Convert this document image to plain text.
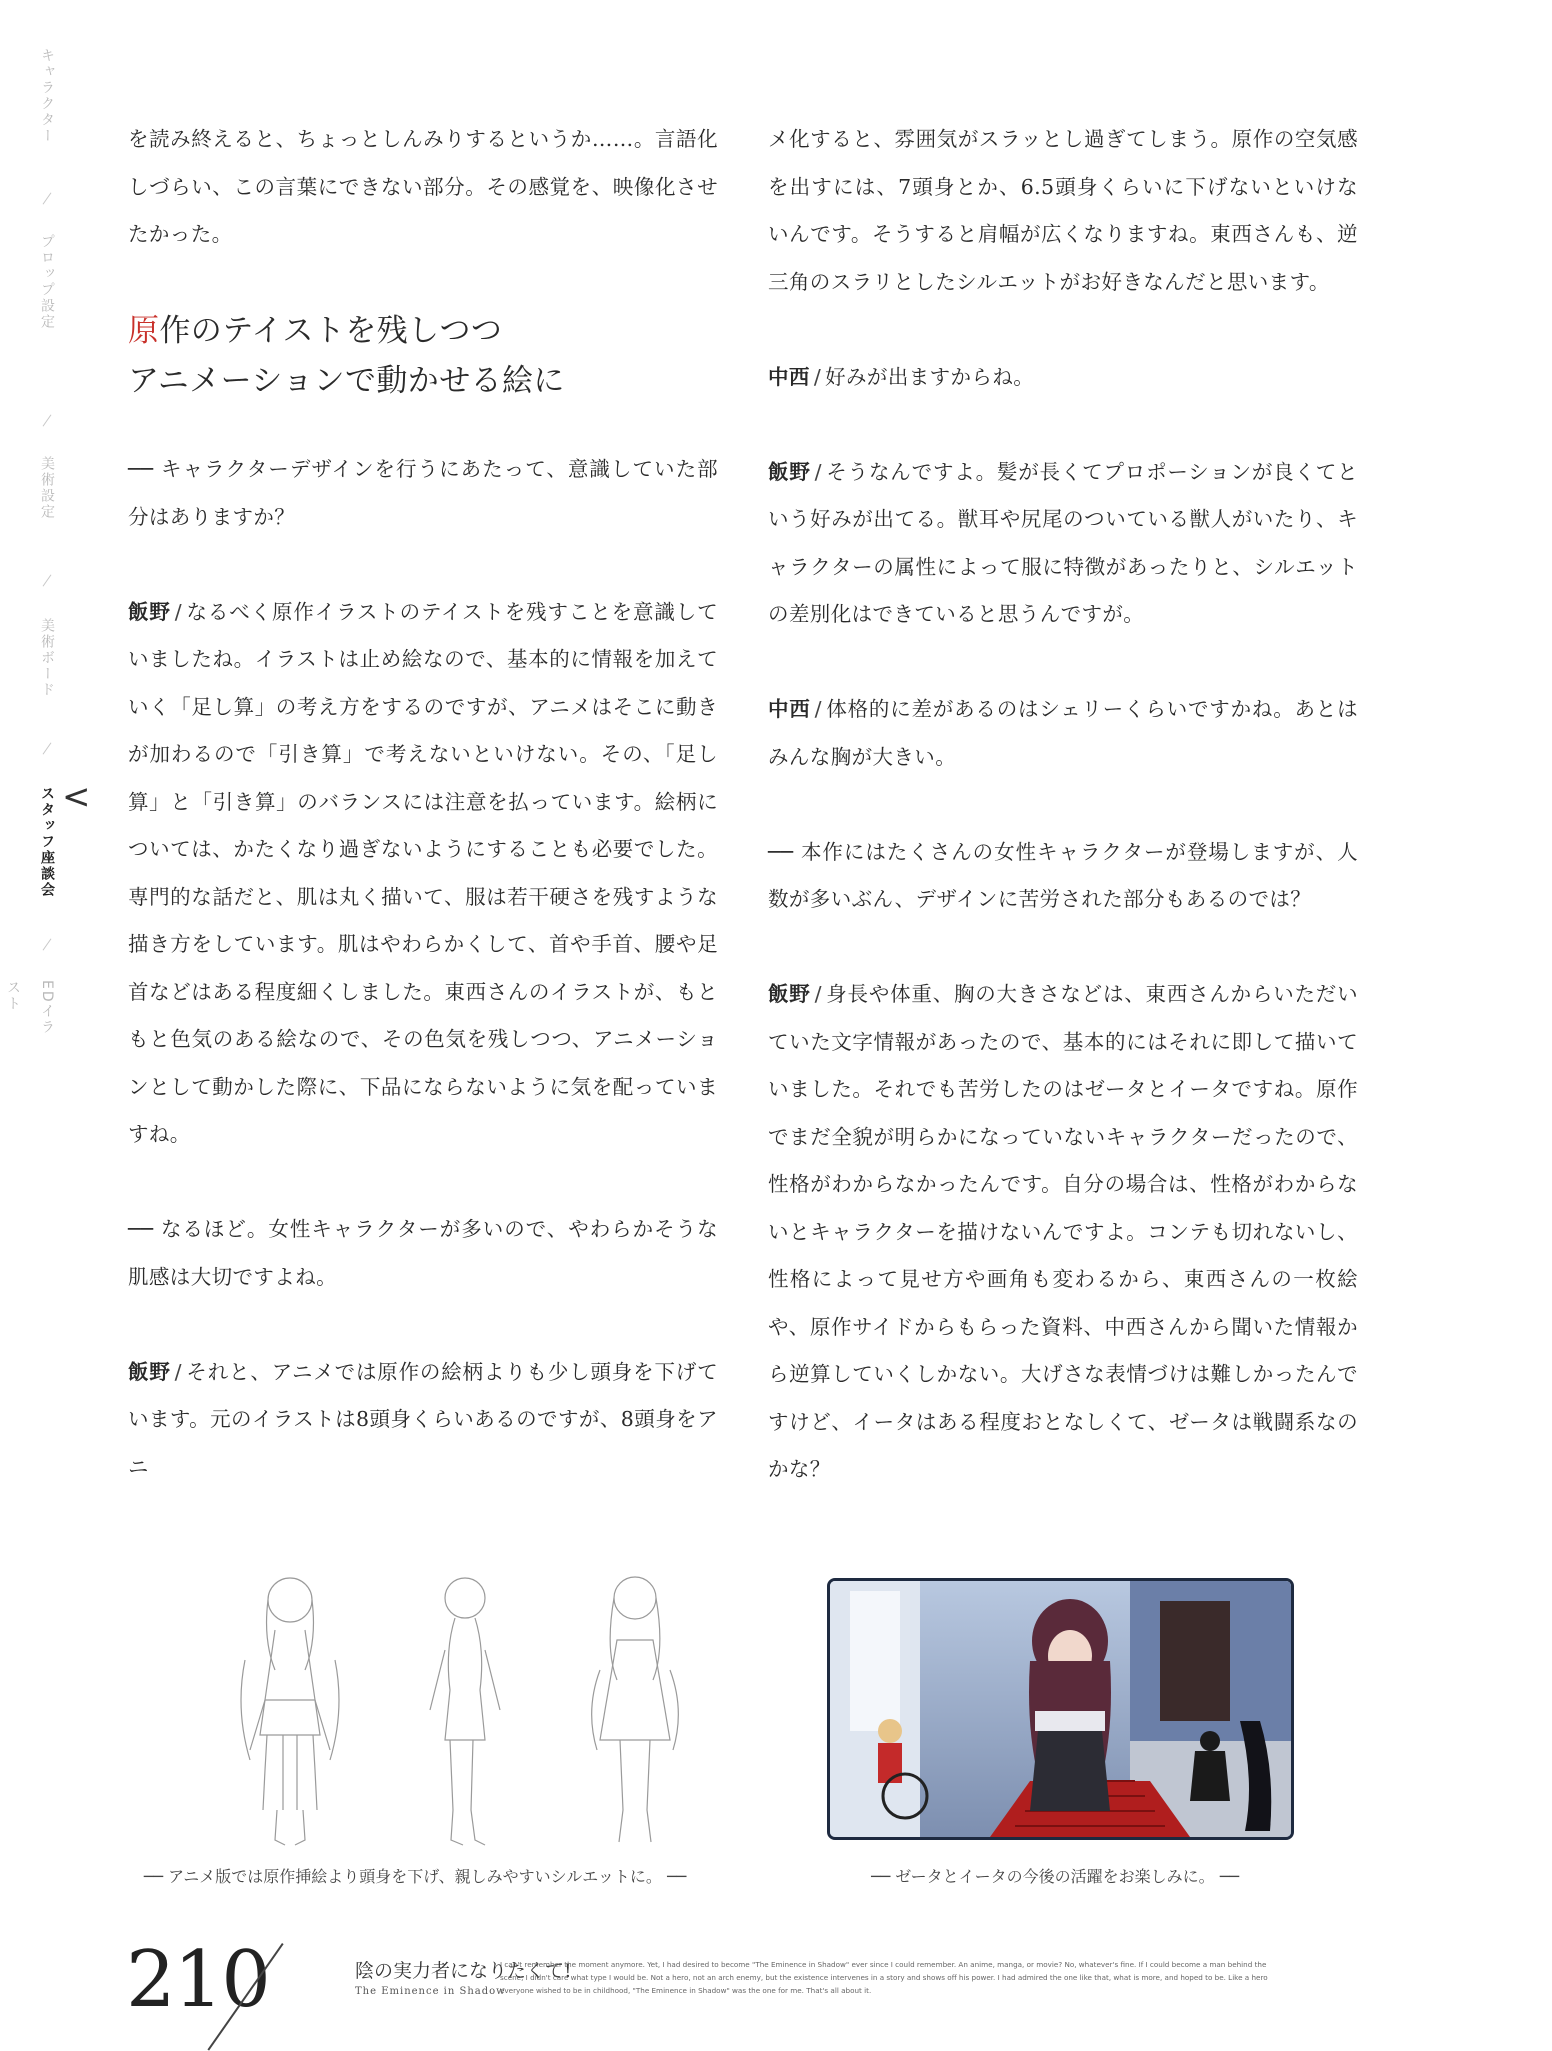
キャラクター
プロップ設定
美術設定
美術ボード
スタッフ座談会
EDイラスト
<

を読み終えると、ちょっとしんみりするというか……。言語化しづらい、この言葉にできない部分。その感覚を、映像化させたかった。

原作のテイストを残しつつ
アニメーションで動かせる絵に

── キャラクターデザインを行うにあたって、意識していた部分はありますか？

飯野 / なるべく原作イラストのテイストを残すことを意識していましたね。イラストは止め絵なので、基本的に情報を加えていく「足し算」の考え方をするのですが、アニメはそこに動きが加わるので「引き算」で考えないといけない。その、「足し算」と「引き算」のバランスには注意を払っています。絵柄については、かたくなり過ぎないようにすることも必要でした。専門的な話だと、肌は丸く描いて、服は若干硬さを残すような描き方をしています。肌はやわらかくして、首や手首、腰や足首などはある程度細くしました。東西さんのイラストが、もともと色気のある絵なので、その色気を残しつつ、アニメーションとして動かした際に、下品にならないように気を配っていますね。

── なるほど。女性キャラクターが多いので、やわらかそうな肌感は大切ですよね。

飯野 / それと、アニメでは原作の絵柄よりも少し頭身を下げています。元のイラストは8頭身くらいあるのですが、8頭身をアニ

メ化すると、雰囲気がスラッとし過ぎてしまう。原作の空気感を出すには、7頭身とか、6.5頭身くらいに下げないといけないんです。そうすると肩幅が広くなりますね。東西さんも、逆三角のスラリとしたシルエットがお好きなんだと思います。

中西 / 好みが出ますからね。

飯野 / そうなんですよ。髪が長くてプロポーションが良くてという好みが出てる。獣耳や尻尾のついている獣人がいたり、キャラクターの属性によって服に特徴があったりと、シルエットの差別化はできていると思うんですが。

中西 / 体格的に差があるのはシェリーくらいですかね。あとはみんな胸が大きい。

── 本作にはたくさんの女性キャラクターが登場しますが、人数が多いぶん、デザインに苦労された部分もあるのでは？

飯野 / 身長や体重、胸の大きさなどは、東西さんからいただいていた文字情報があったので、基本的にはそれに即して描いていました。それでも苦労したのはゼータとイータですね。原作でまだ全貌が明らかになっていないキャラクターだったので、性格がわからなかったんです。自分の場合は、性格がわからないとキャラクターを描けないんですよ。コンテも切れないし、性格によって見せ方や画角も変わるから、東西さんの一枚絵や、原作サイドからもらった資料、中西さんから聞いた情報から逆算していくしかない。大げさな表情づけは難しかったんですけど、イータはある程度おとなしくて、ゼータは戦闘系なのかな？

── アニメ版では原作挿絵より頭身を下げ、親しみやすいシルエットに。 ──	── ゼータとイータの今後の活躍をお楽しみに。 ──
210	陰の実力者になりたくて!
The Eminence in Shadow
I can't remember the moment anymore. Yet, I had desired to become "The Eminence in Shadow" ever since I could remember. An anime, manga, or movie? No, whatever's fine. If I could become a man behind the scene, I didn't care what type I would be. Not a hero, not an arch enemy, but the existence intervenes in a story and shows off his power. I had admired the one like that, what is more, and hoped to be. Like a hero everyone wished to be in childhood, "The Eminence in Shadow" was the one for me. That's all about it.
